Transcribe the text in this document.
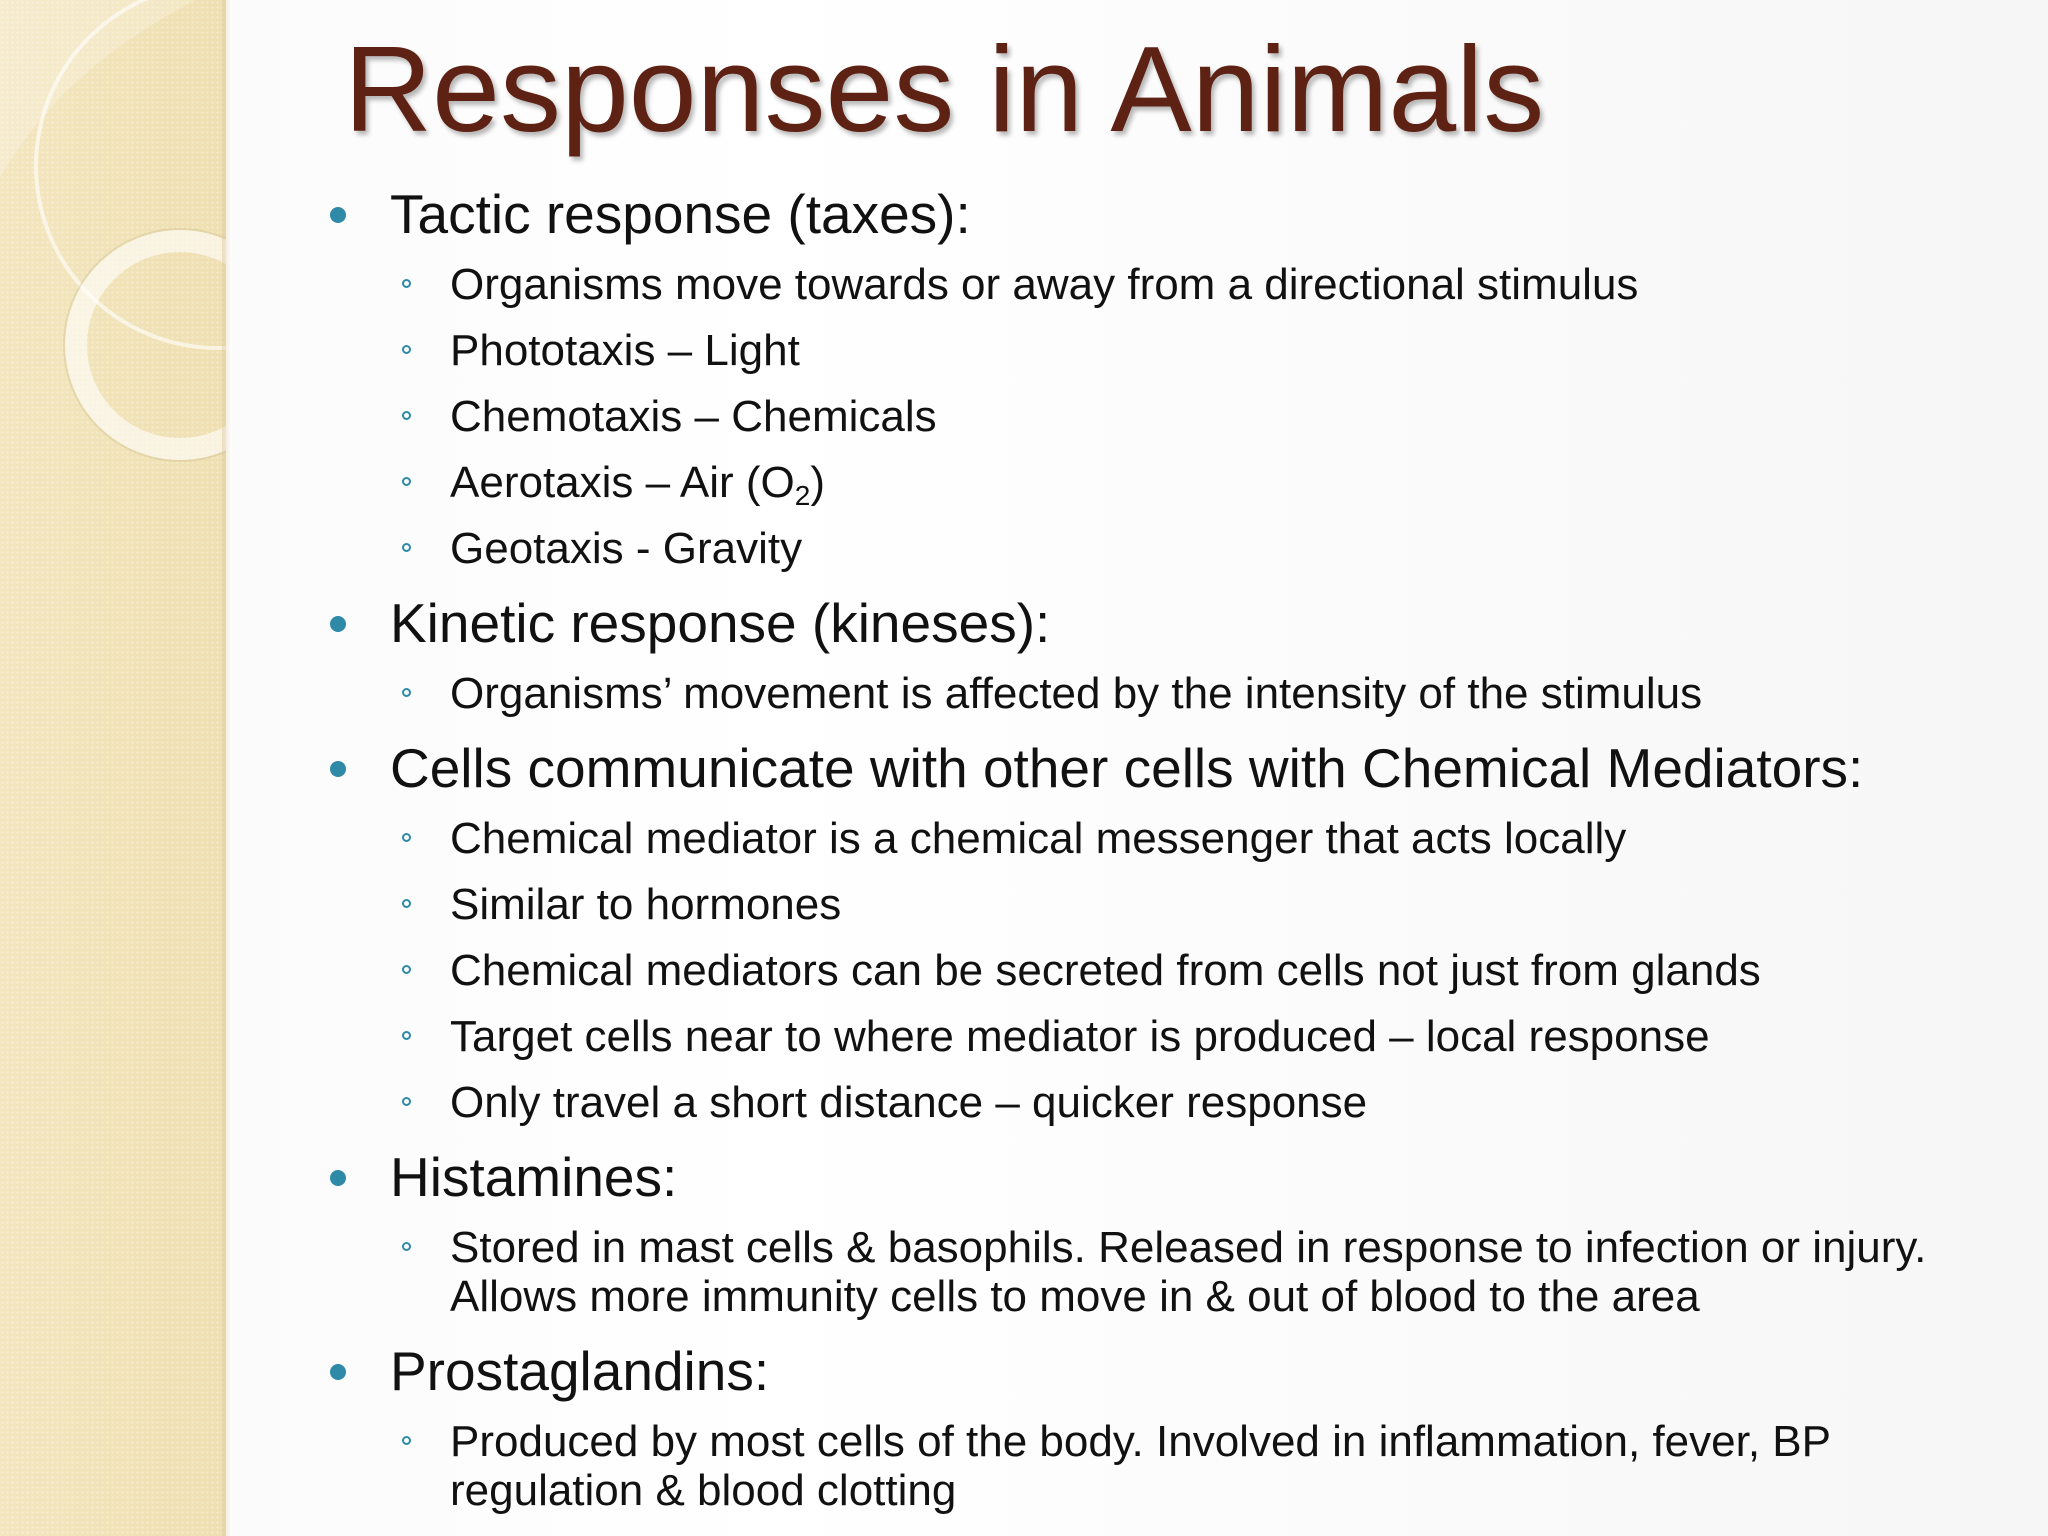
Responses in Animals
Tactic response (taxes):
Organisms move towards or away from a directional stimulus
Phototaxis – Light
Chemotaxis – Chemicals
Aerotaxis – Air $(O_2)$
Geotaxis - Gravity
Kinetic response (kineses):
Organisms’ movement is affected by the intensity of the stimulus
Cells communicate with other cells with Chemical Mediators:
Chemical mediator is a chemical messenger that acts locally
Similar to hormones
Chemical mediators can be secreted from cells not just from glands
Target cells near to where mediator is produced – local response
Only travel a short distance – quicker response
Histamines:
Stored in mast cells & basophils. Released in response to infection or injury.
Allows more immunity cells to move in & out of blood to the area
Prostaglandins:
Produced by most cells of the body. Involved in inflammation, fever, BP
regulation & blood clotting
